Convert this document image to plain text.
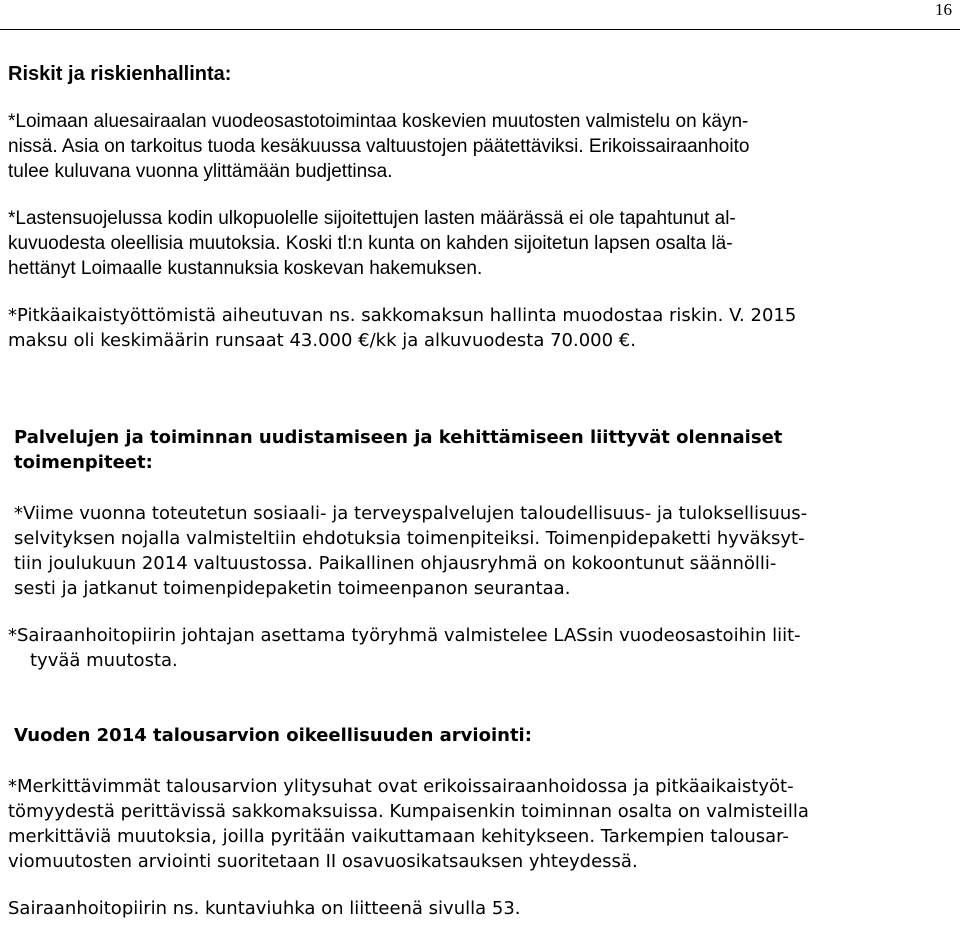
16
Riskit ja riskienhallinta:
*Loimaan aluesairaalan vuodeosastotoimintaa koskevien muutosten valmistelu on käyn-
nissä. Asia on tarkoitus tuoda kesäkuussa valtuustojen päätettäviksi. Erikoissairaanhoito
tulee kuluvana vuonna ylittämään budjettinsa.
*Lastensuojelussa kodin ulkopuolelle sijoitettujen lasten määrässä ei ole tapahtunut al-
kuvuodesta oleellisia muutoksia. Koski tl:n kunta on kahden sijoitetun lapsen osalta lä-
hettänyt Loimaalle kustannuksia koskevan hakemuksen.
*Pitkäaikaistyöttömistä aiheutuvan ns. sakkomaksun hallinta muodostaa riskin. V. 2015
maksu oli keskimäärin runsaat 43.000 €/kk ja alkuvuodesta 70.000 €.
Palvelujen ja toiminnan uudistamiseen ja kehittämiseen liittyvät olennaiset
toimenpiteet:
*Viime vuonna toteutetun sosiaali- ja terveyspalvelujen taloudellisuus- ja tuloksellisuus-
selvityksen nojalla valmisteltiin ehdotuksia toimenpiteiksi. Toimenpidepaketti hyväksyt-
tiin joulukuun 2014 valtuustossa. Paikallinen ohjausryhmä on kokoontunut säännölli-
sesti ja jatkanut toimenpidepaketin toimeenpanon seurantaa.
*Sairaanhoitopiirin johtajan asettama työryhmä valmistelee LASsin vuodeosastoihin liit-
tyvää muutosta.
Vuoden 2014 talousarvion oikeellisuuden arviointi:
*Merkittävimmät talousarvion ylitysuhat ovat erikoissairaanhoidossa ja pitkäaikaistyöt-
tömyydestä perittävissä sakkomaksuissa. Kumpaisenkin toiminnan osalta on valmisteilla
merkittäviä muutoksia, joilla pyritään vaikuttamaan kehitykseen. Tarkempien talousar-
viomuutosten arviointi suoritetaan II osavuosikatsauksen yhteydessä.
Sairaanhoitopiirin ns. kuntaviuhka on liitteenä sivulla 53.
